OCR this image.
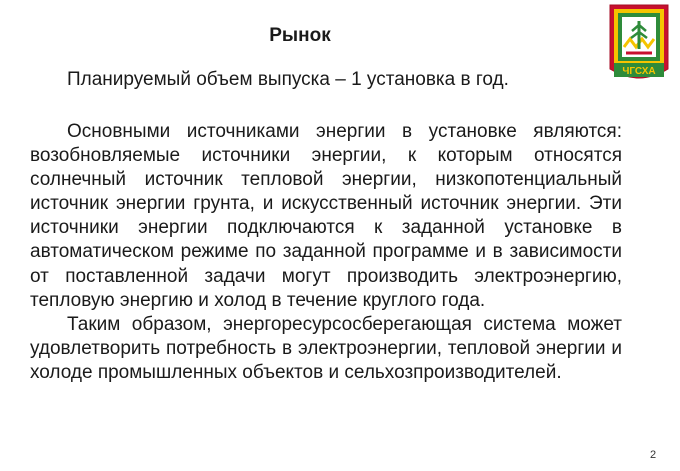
Рынок
ЧГСХА
Планируемый объем выпуска – 1 установка в год.

Основными источниками энергии в установке являются: возобновляемые источники энергии, к которым относятся солнечный источник тепловой энергии, низкопотенциальный источник энергии грунта, и искусственный источник энергии. Эти источники энергии подключаются к заданной установке в автоматическом режиме по заданной программе и в зависимости от поставленной задачи могут производить электроэнергию, тепловую энергию и холод в течение круглого года.

Таким образом, энергоресурсосберегающая система может удовлетворить потребность в электроэнергии, тепловой энергии и холоде промышленных объектов и сельхозпроизводителей.

2
